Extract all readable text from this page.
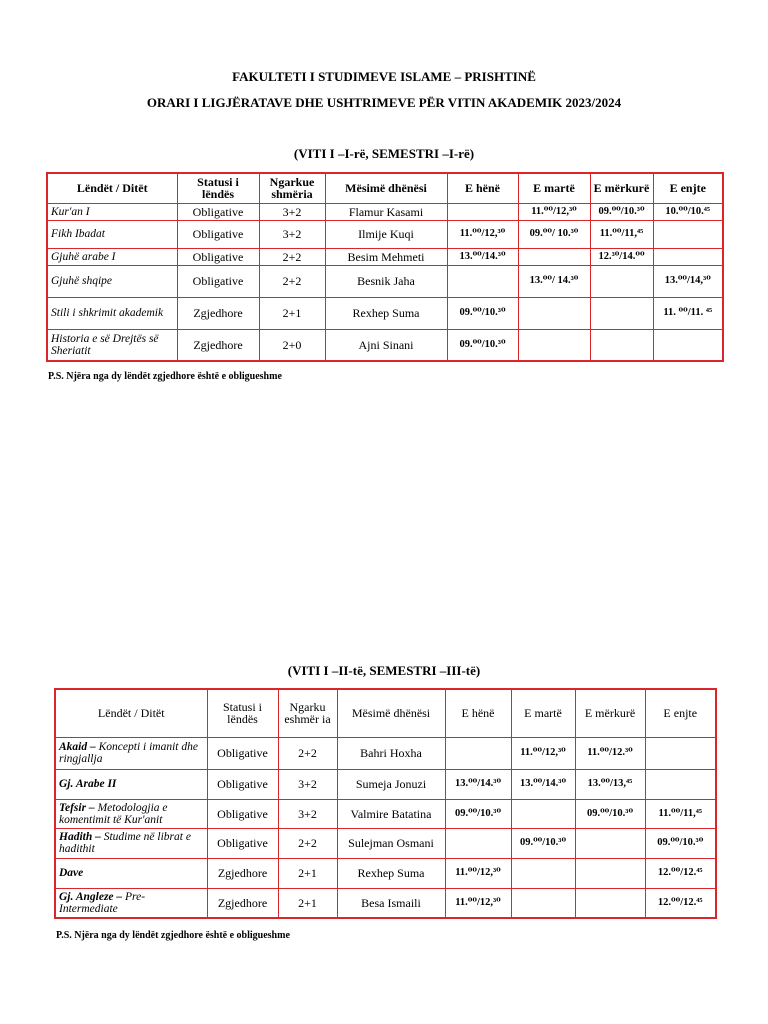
FAKULTETI I STUDIMEVE ISLAME – PRISHTINË
ORARI I LIGJËRATAVE DHE USHTRIMEVE PËR VITIN AKADEMIK 2023/2024
(VITI I –I-rë, SEMESTRI –I-rë)
Lëndët / Ditët	Statusi i lëndës	Ngarkue shmëria	Mësimë dhënësi	E hënë	E martë	E mërkurë	E enjte
Kur'an I	Obligative	3+2	Flamur Kasami		11.⁰⁰/12,³⁰	09.⁰⁰/10.³⁰	10.⁰⁰/10.⁴⁵
Fikh Ibadat	Obligative	3+2	Ilmije Kuqi	11.⁰⁰/12,³⁰	09.⁰⁰/ 10.³⁰	11.⁰⁰/11,⁴⁵	
Gjuhë arabe I	Obligative	2+2	Besim Mehmeti	13.⁰⁰/14.³⁰		12.³⁰/14.⁰⁰	
Gjuhë shqipe	Obligative	2+2	Besnik Jaha		13.⁰⁰/ 14.³⁰		13.⁰⁰/14,³⁰
Stili i shkrimit akademik	Zgjedhore	2+1	Rexhep Suma	09.⁰⁰/10.³⁰			11. ⁰⁰/11. ⁴⁵
Historia e së Drejtës së Sheriatit	Zgjedhore	2+0	Ajni Sinani	09.⁰⁰/10.³⁰			
P.S. Njëra nga dy lëndët zgjedhore është e obligueshme
(VITI I –II-të, SEMESTRI –III-të)
Lëndët / Ditët	Statusi i lëndës	Ngarku eshmër ia	Mësimë dhënësi	E hënë	E martë	E mërkurë	E enjte
Akaid – Koncepti i imanit dhe ringjallja	Obligative	2+2	Bahri Hoxha		11.⁰⁰/12,³⁰	11.⁰⁰/12.³⁰	
Gj. Arabe II	Obligative	3+2	Sumeja Jonuzi	13.⁰⁰/14.³⁰	13.⁰⁰/14.³⁰	13.⁰⁰/13,⁴⁵	
Tefsir – Metodologjia e komentimit të Kur'anit	Obligative	3+2	Valmire Batatina	09.⁰⁰/10.³⁰		09.⁰⁰/10.³⁰	11.⁰⁰/11,⁴⁵
Hadith – Studime në librat e hadithit	Obligative	2+2	Sulejman Osmani		09.⁰⁰/10.³⁰		09.⁰⁰/10.³⁰
Dave	Zgjedhore	2+1	Rexhep Suma	11.⁰⁰/12,³⁰			12.⁰⁰/12.⁴⁵
Gj. Angleze – Pre-Intermediate	Zgjedhore	2+1	Besa Ismaili	11.⁰⁰/12,³⁰			12.⁰⁰/12.⁴⁵
P.S. Njëra nga dy lëndët zgjedhore është e obligueshme
